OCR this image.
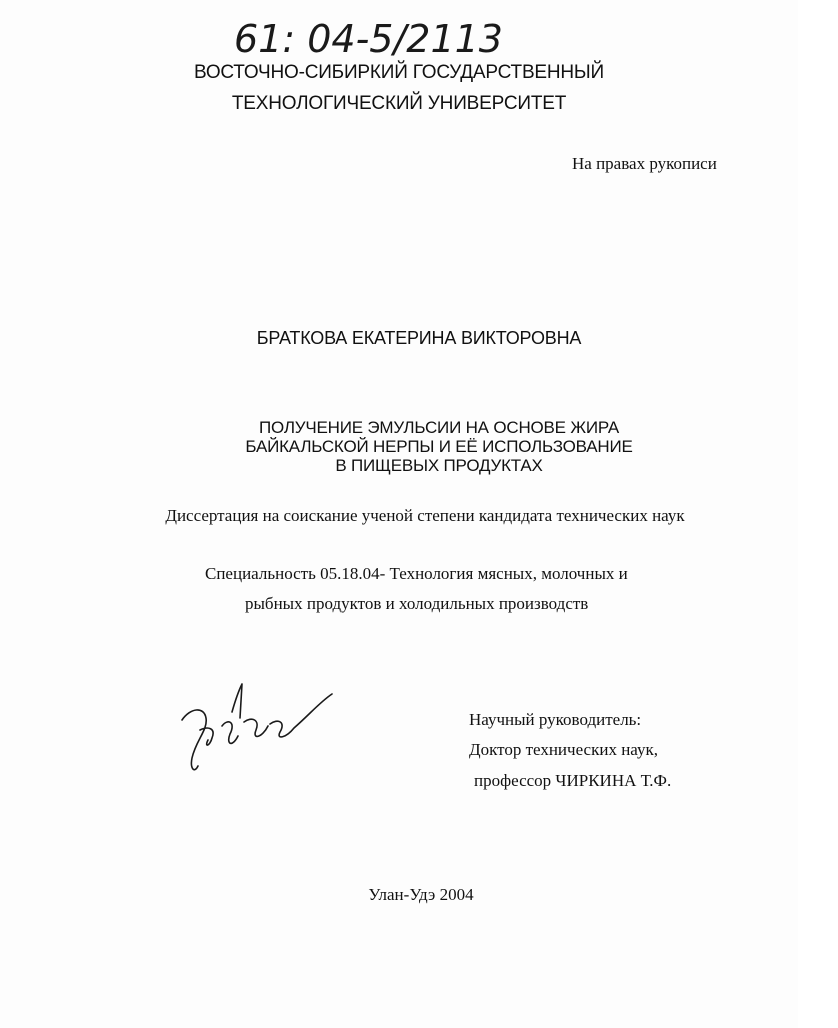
61: 04-5/2113
ВОСТОЧНО-СИБИРКИЙ ГОСУДАРСТВЕННЫЙ
ТЕХНОЛОГИЧЕСКИЙ УНИВЕРСИТЕТ
На правах рукописи
БРАТКОВА ЕКАТЕРИНА ВИКТОРОВНА
ПОЛУЧЕНИЕ ЭМУЛЬСИИ НА ОСНОВЕ ЖИРА
БАЙКАЛЬСКОЙ НЕРПЫ И ЕЁ ИСПОЛЬЗОВАНИЕ
В ПИЩЕВЫХ ПРОДУКТАХ
Диссертация на соискание ученой степени кандидата технических наук
Специальность 05.18.04- Технология мясных, молочных и
рыбных продуктов и холодильных производств
Научный руководитель:
Доктор технических наук,
профессор ЧИРКИНА Т.Ф.
Улан-Удэ 2004
